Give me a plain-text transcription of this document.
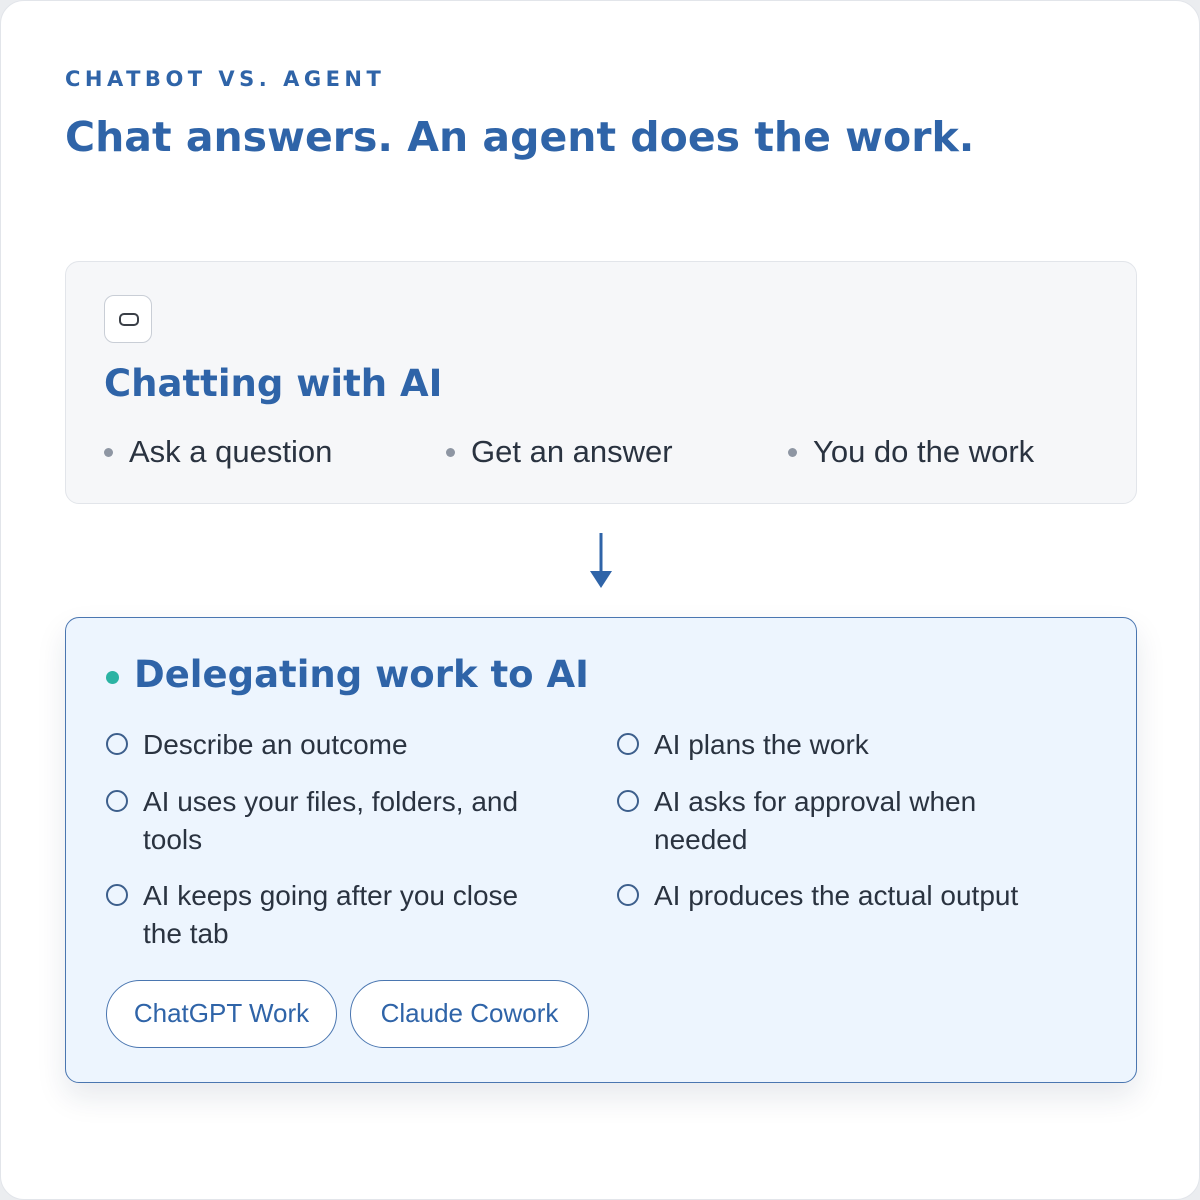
CHATBOT VS. AGENT
Chat answers. An agent does the work.
Chatting with AI
Ask a question	Get an answer	You do the work
Delegating work to AI
Describe an outcome	AI plans the work
AI uses your files, folders, and tools
AI asks for approval when needed
AI keeps going after you close the tab
AI produces the actual output
ChatGPT Work	Claude Cowork
